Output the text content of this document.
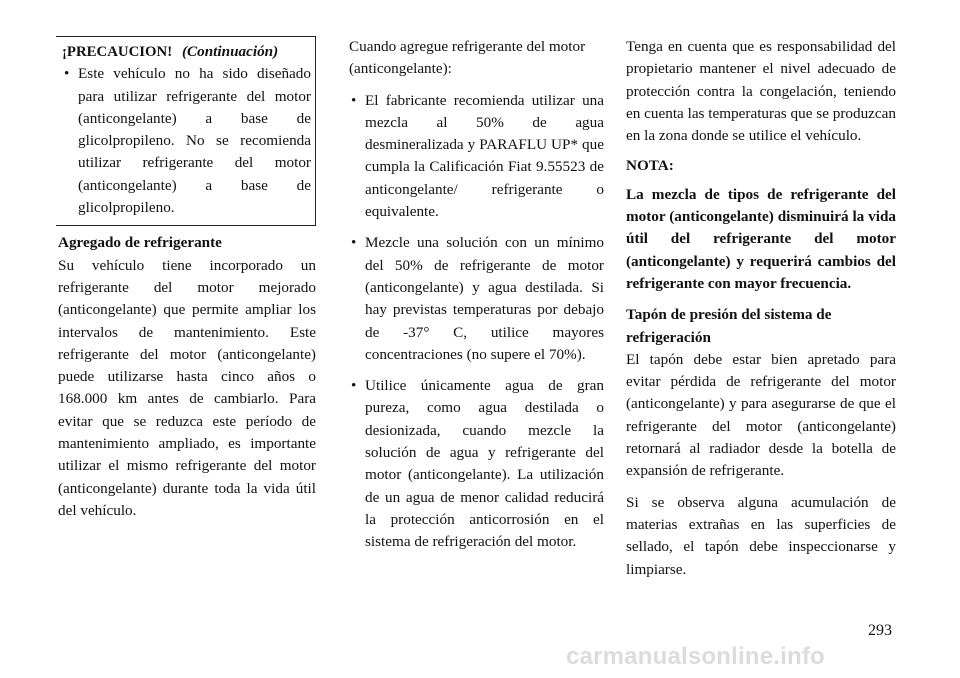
¡PRECAUCION! (Continuación)
• Este vehículo no ha sido diseñado para utilizar refrigerante del motor (anticongelante) a base de glicolpropileno. No se recomienda utilizar refrigerante del motor (anticongelante) a base de glicolpropileno.

Agregado de refrigerante

Su vehículo tiene incorporado un refrigerante del motor mejorado (anticongelante) que permite ampliar los intervalos de mantenimiento. Este refrigerante del motor (anticongelante) puede utilizarse hasta cinco años o 168.000 km antes de cambiarlo. Para evitar que se reduzca este período de mantenimiento ampliado, es importante utilizar el mismo refrigerante del motor (anticongelante) durante toda la vida útil del vehículo.

Cuando agregue refrigerante del motor (anticongelante):

• El fabricante recomienda utilizar una mezcla al 50% de agua desmineralizada y PARAFLU UP* que cumpla la Calificación Fiat 9.55523 de anticongelante/ refrigerante o equivalente.
• Mezcle una solución con un mínimo del 50% de refrigerante de motor (anticongelante) y agua destilada. Si hay previstas temperaturas por debajo de -37° C, utilice mayores concentraciones (no supere el 70%).
• Utilice únicamente agua de gran pureza, como agua destilada o desionizada, cuando mezcle la solución de agua y refrigerante del motor (anticongelante). La utilización de un agua de menor calidad reducirá la protección anticorrosión en el sistema de refrigeración del motor.

Tenga en cuenta que es responsabilidad del propietario mantener el nivel adecuado de protección contra la congelación, teniendo en cuenta las temperaturas que se produzcan en la zona donde se utilice el vehículo.

NOTA:

La mezcla de tipos de refrigerante del motor (anticongelante) disminuirá la vida útil del refrigerante del motor (anticongelante) y requerirá cambios del refrigerante con mayor frecuencia.

Tapón de presión del sistema de refrigeración

El tapón debe estar bien apretado para evitar pérdida de refrigerante del motor (anticongelante) y para asegurarse de que el refrigerante del motor (anticongelante) retornará al radiador desde la botella de expansión de refrigerante.

Si se observa alguna acumulación de materias extrañas en las superficies de sellado, el tapón debe inspeccionarse y limpiarse.

293
carmanualsonline.info
